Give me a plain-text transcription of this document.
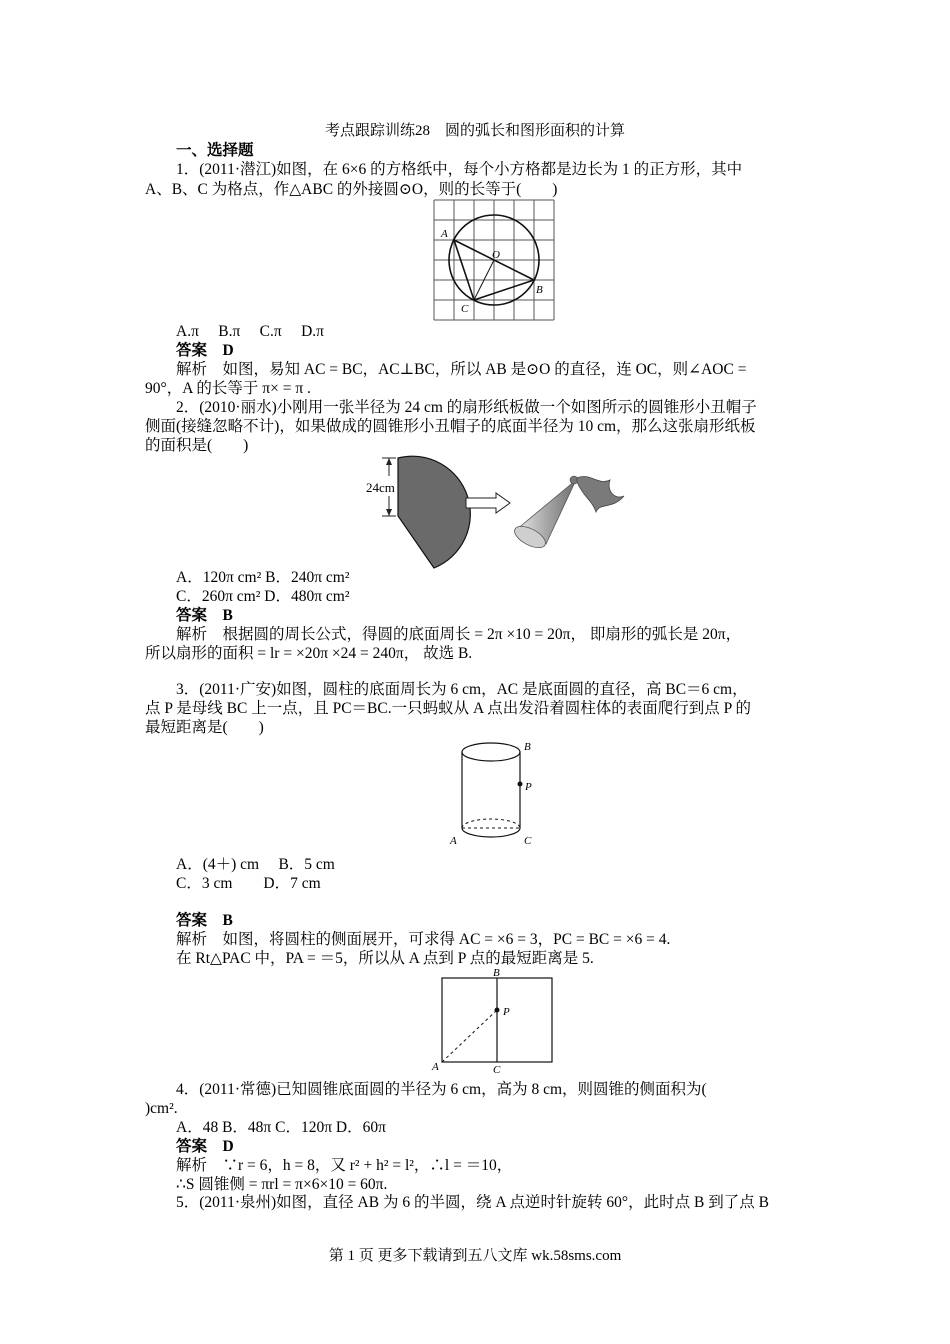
考点跟踪训练28　圆的弧长和图形面积的计算
一、选择题
1．(2011·潜江)如图，在 6×6 的方格纸中，每个小方格都是边长为 1 的正方形，其中
A、B、C 为格点，作△ABC 的外接圆⊙O，则的长等于(　　)
A
O
B
C
A.π　 B.π　 C.π　 D.π
答案　D
解析　如图，易知 AC = BC，AC⊥BC，所以 AB 是⊙O 的直径，连 OC，则∠AOC =
90°，A 的长等于 π× = π .
2．(2010·丽水)小刚用一张半径为 24 cm 的扇形纸板做一个如图所示的圆锥形小丑帽子
侧面(接缝忽略不计)，如果做成的圆锥形小丑帽子的底面半径为 10 cm，那么这张扇形纸板
的面积是(　　)
24cm
A．120π cm² B．240π cm²
C．260π cm² D．480π cm²
答案　B
解析　根据圆的周长公式，得圆的底面周长 = 2π ×10 = 20π， 即扇形的弧长是 20π，
所以扇形的面积 = lr = ×20π ×24 = 240π， 故选 B.
3．(2011·广安)如图，圆柱的底面周长为 6 cm，AC 是底面圆的直径，高 BC＝6 cm，
点 P 是母线 BC 上一点，且 PC＝BC.一只蚂蚁从 A 点出发沿着圆柱体的表面爬行到点 P 的
最短距离是(　　)
B
P
A	C
A．(4＋) cm　 B．5 cm
C．3 cm　　D．7 cm
答案　B
解析　如图，将圆柱的侧面展开，可求得 AC = ×6 = 3，PC = BC = ×6 = 4.
在 Rt△PAC 中，PA = ＝5，所以从 A 点到 P 点的最短距离是 5.
B
P
A	C
4．(2011·常德)已知圆锥底面圆的半径为 6 cm，高为 8 cm，则圆锥的侧面积为(
)cm².
A．48 B．48π C．120π D．60π
答案　D
解析　∵r = 6，h = 8，又 r² + h² = l²，∴l = ＝10，
∴S 圆锥侧 = πrl = π×6×10 = 60π.
5．(2011·泉州)如图，直径 AB 为 6 的半圆，绕 A 点逆时针旋转 60°，此时点 B 到了点 B
第 1 页 更多下载请到五八文库 wk.58sms.com
